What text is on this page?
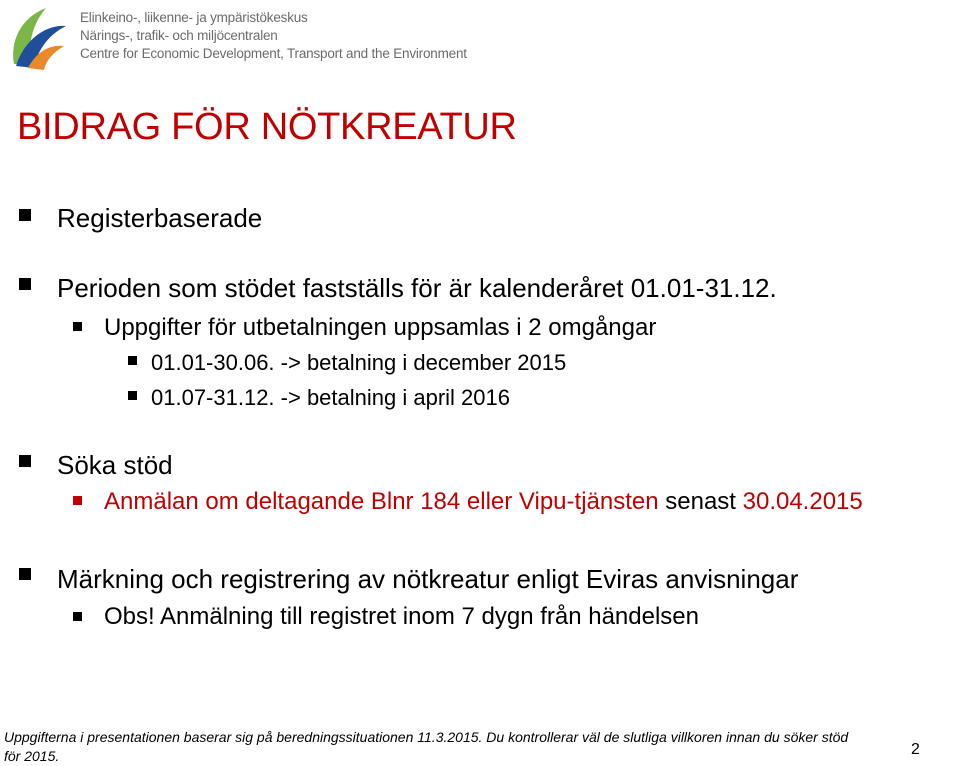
Elinkeino-, liikenne- ja ympäristökeskus
Närings-, trafik- och miljöcentralen
Centre for Economic Development, Transport and the Environment
BIDRAG FÖR NÖTKREATUR
Registerbaserade
Perioden som stödet fastställs för är kalenderåret 01.01-31.12.
Uppgifter för utbetalningen uppsamlas i 2 omgångar
01.01-30.06. -> betalning i december 2015
01.07-31.12. -> betalning i april 2016
Söka stöd
Anmälan om deltagande Blnr 184 eller Vipu-tjänsten senast 30.04.2015
Märkning och registrering av nötkreatur enligt Eviras anvisningar
Obs! Anmälning till registret inom 7 dygn från händelsen
Uppgifterna i presentationen baserar sig på beredningssituationen 11.3.2015. Du kontrollerar väl de slutliga villkoren innan du söker stöd för 2015.	2
